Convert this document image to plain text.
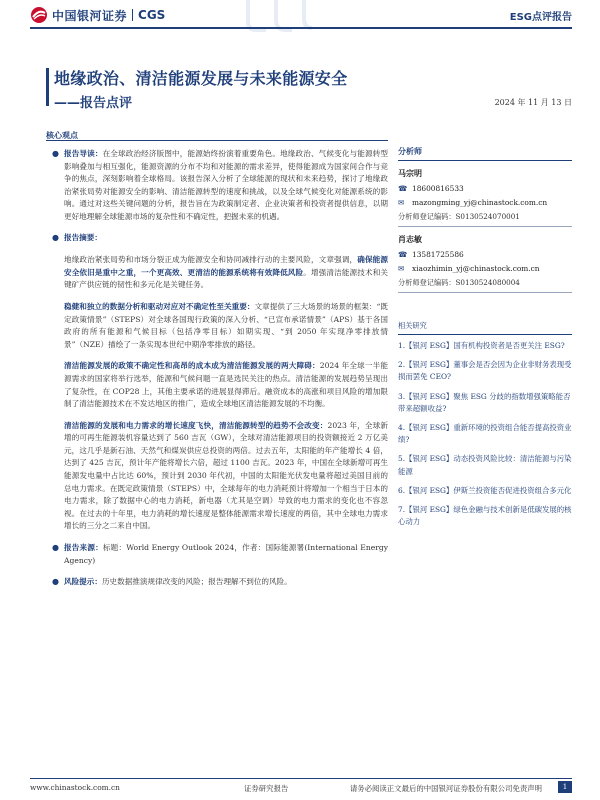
中国银河证券 CGS	ESG点评报告
地缘政治、清洁能源发展与未来能源安全
——报告点评	2024 年 11 月 13 日
核心观点
● 报告导读：在全球政治经济版图中，能源始终扮演着重要角色。地缘政治、气候变化与能源转型影响叠加与相互强化，能源资源的分布不均和对能源的需求差异，使得能源成为国家间合作与竞争的焦点，深刻影响着全球格局。该报告深入分析了全球能源的现状和未来趋势，探讨了地缘政治紧张局势对能源安全的影响、清洁能源转型的速度和挑战，以及全球气候变化对能源系统的影响。通过对这些关键问题的分析，报告旨在为政策制定者、企业决策者和投资者提供信息，以期更好地理解全球能源市场的复杂性和不确定性，把握未来的机遇。
● 报告摘要：
地缘政治紧张局势和市场分裂正成为能源安全和协同减排行动的主要风险，文章强调，确保能源安全依旧是重中之重，一个更高效、更清洁的能源系统将有效降低风险。增强清洁能源技术和关键矿产供应链的韧性和多元化是关键任务。
稳健和独立的数据分析和驱动对应对不确定性至关重要：文章提供了三大场景的场景的框架：“既定政策情景”（STEPS）对全球各国现行政策的深入分析、“已宣布承诺情景”（APS）基于各国政府的所有能源和气候目标（包括净零目标）如期实现、“到 2050 年实现净零排放情景”（NZE）描绘了一条实现本世纪中期净零排放的路径。
清洁能源发展的政策不确定性和高昂的成本成为清洁能源发展的两大障碍：2024 年全球一半能源需求的国家将举行选举，能源和气候问题一直是选民关注的热点。清洁能源的发展趋势呈现出了复杂性，在 COP28 上，其他主要承诺的进展显得滞后。融资成本的高涨和项目风险的增加限制了清洁能源技术在不发达地区的推广，造成全球地区清洁能源发展的不均衡。
清洁能源的发展和电力需求的增长速度飞快，清洁能源转型的趋势不会改变：2023 年，全球新增的可再生能源装机容量达到了 560 吉瓦（GW），全球对清洁能源项目的投资额接近 2 万亿美元，这几乎是新石油、天然气和煤炭供应总投资的两倍。过去五年，太阳能的年产能增长 4 倍，达到了 425 吉瓦，预计年产能将增长六倍，超过 1100 吉瓦。2023 年，中国在全球新增可再生能源发电量中占比达 60%，预计到 2030 年代初，中国的太阳能光伏发电量将超过美国目前的总电力需求。在既定政策情景（STEPS）中，全球每年的电力消耗预计将增加一个相当于日本的电力需求，除了数据中心的电力消耗，新电器（尤其是空调）导致的电力需求的变化也不容忽视。在过去的十年里，电力消耗的增长速度是整体能源需求增长速度的两倍，其中全球电力需求增长的三分之二来自中国。
● 报告来源：标题：World Energy Outlook 2024，作者：国际能源署(International Energy Agency)
● 风险提示：历史数据推演规律改变的风险；报告理解不到位的风险。
分析师
马宗明
☎ 18600816533
✉	mazongming_yj@chinastock.com.cn
分析师登记编码：S0130524070001
肖志敏
☎ 13581725586
✉	xiaozhimin_yj@chinastock.com.cn
分析师登记编码：S0130524080004
相关研究
1.【银河 ESG】国有机构投资者是否更关注 ESG?
2.【银河 ESG】董事会是否会因为企业非财务表现受损而罢免 CEO?
3.【银河 ESG】聚焦 ESG 分歧的指数增强策略能否带来超额收益?
4.【银河 ESG】重新环境的投资组合能否提高投资业绩?
5.【银河 ESG】动态投资风险比较：清洁能源与污染能源
6.【银河 ESG】伊斯兰投资能否促进投资组合多元化
7.【银河 ESG】绿色金融与技术创新是低碳发展的核心动力
www.chinastock.com.cn	证券研究报告	请务必阅读正文最后的中国银河证券股份有限公司免责声明	1
